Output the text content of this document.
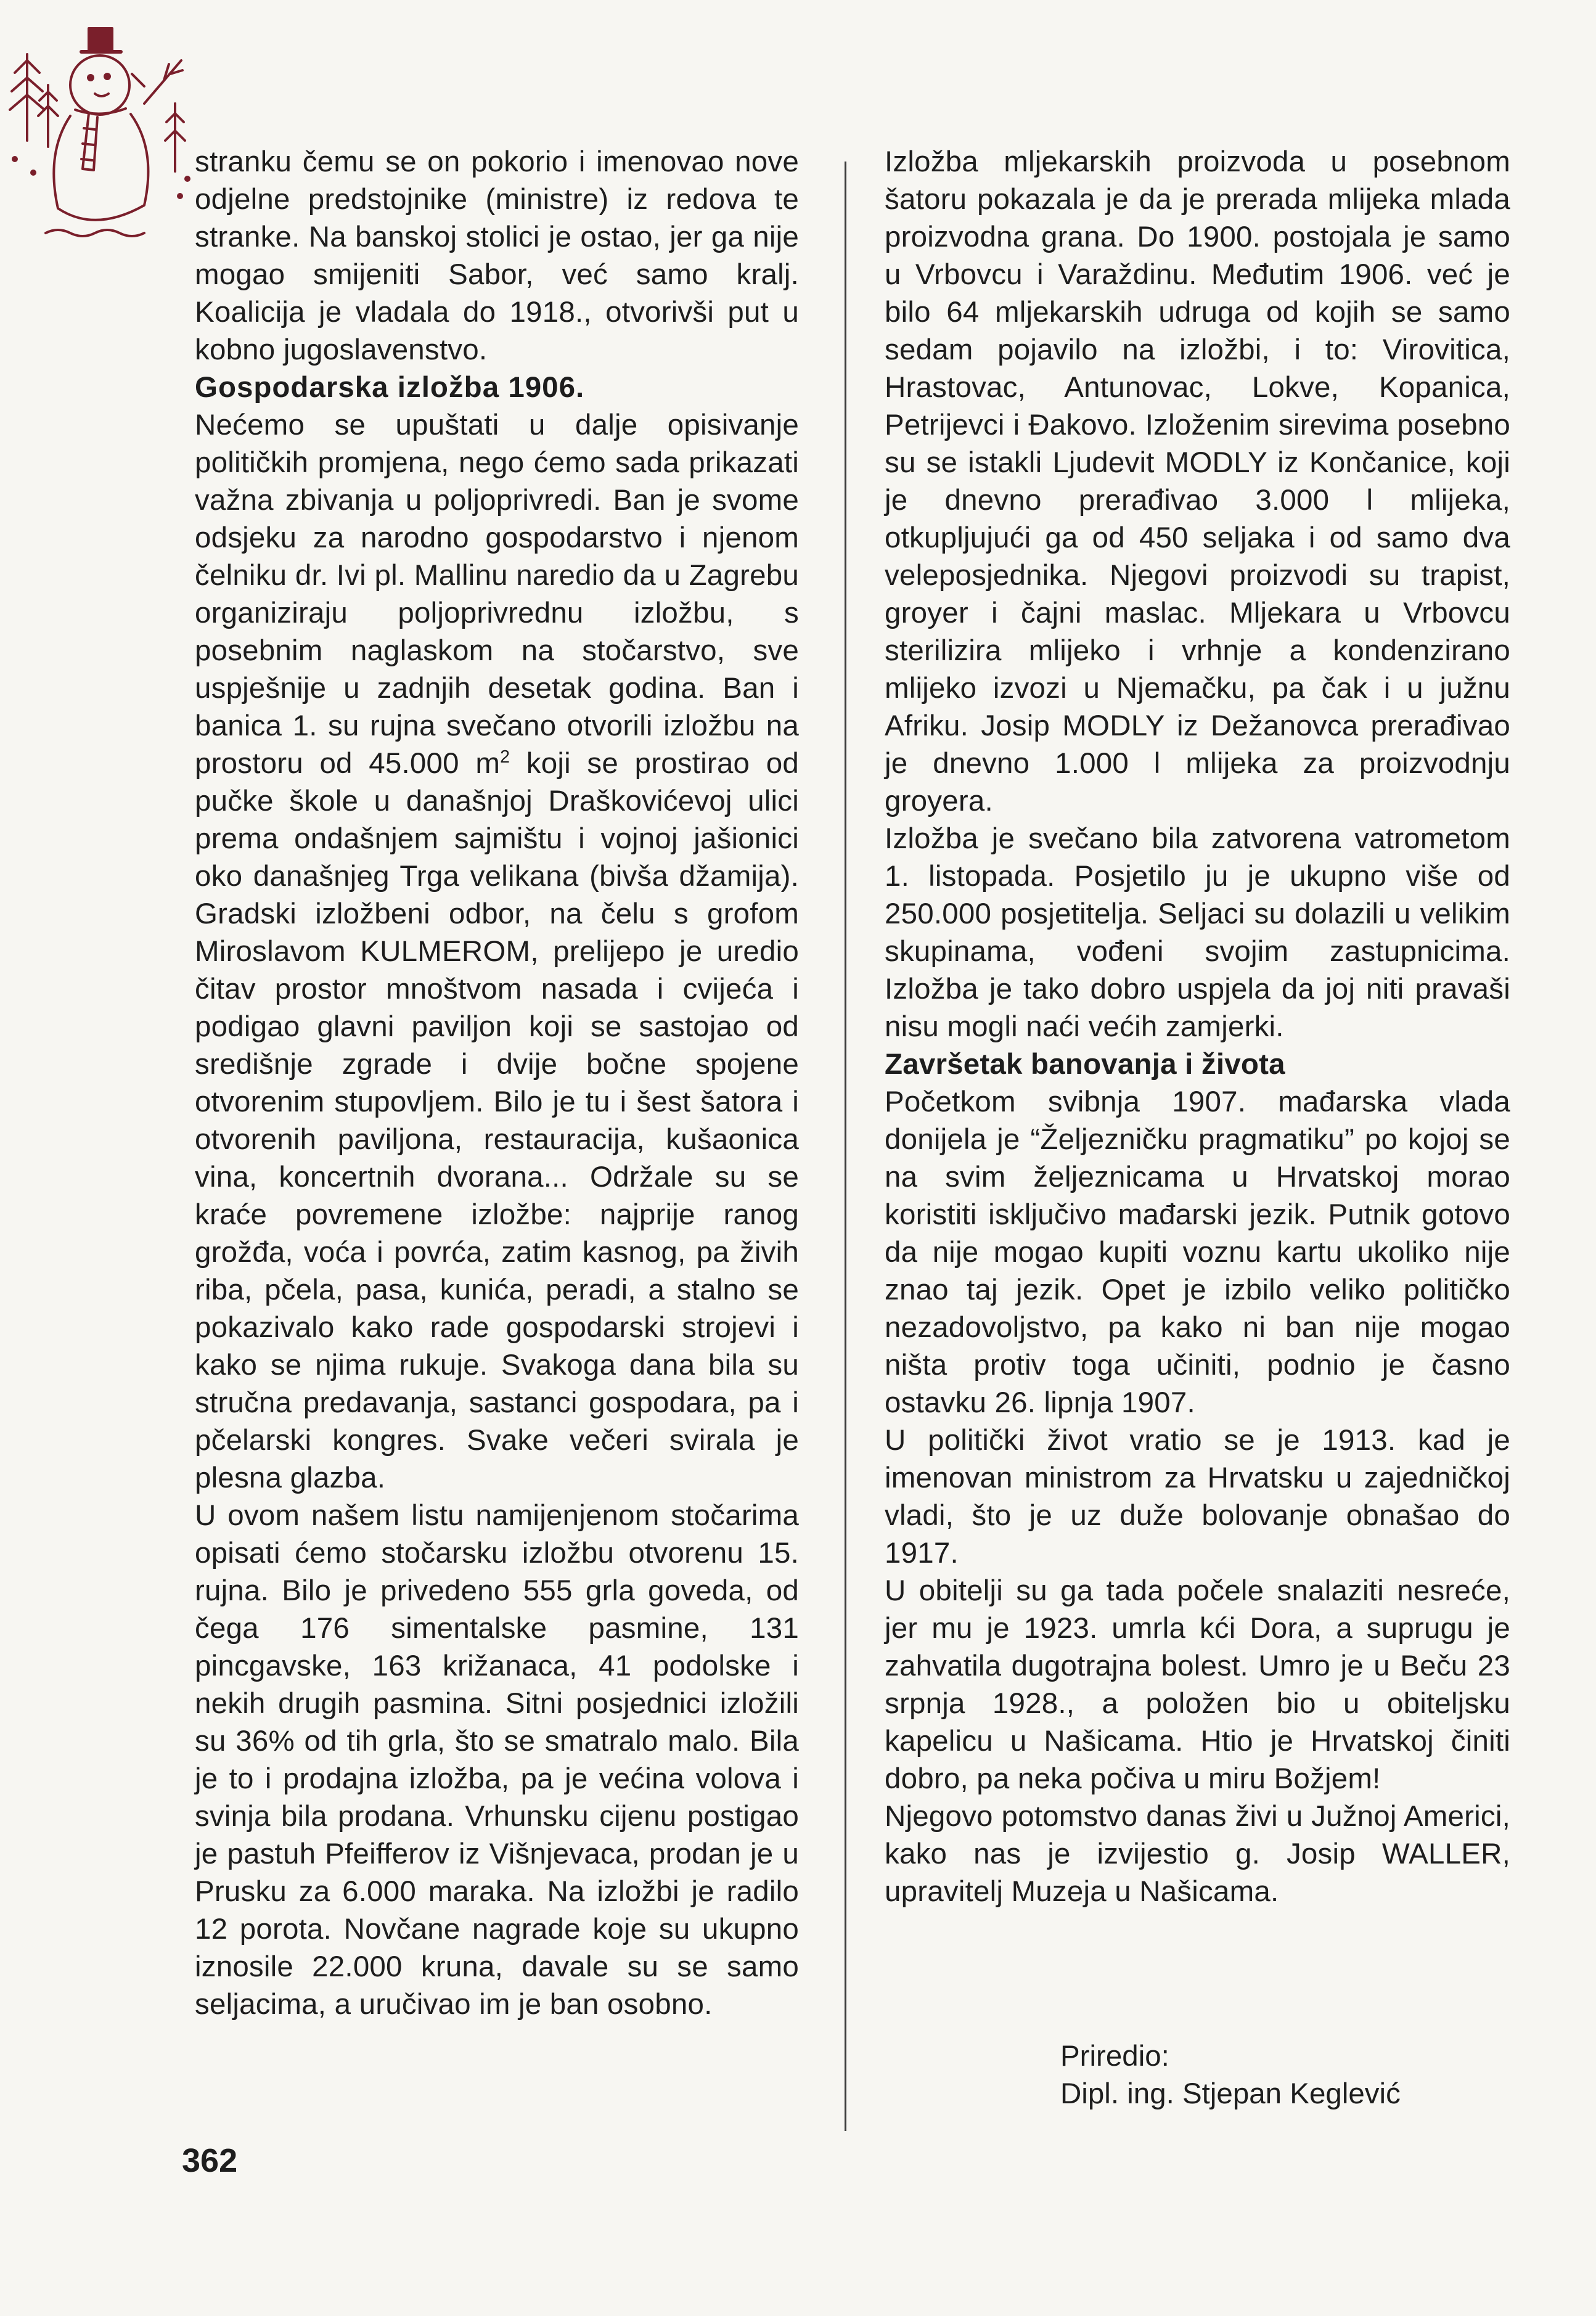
stranku čemu se on pokorio i imenovao nove odjelne predstojnike (ministre) iz redova te stranke. Na banskoj stolici je ostao, jer ga nije mogao smijeniti Sabor, već samo kralj. Koalicija je vladala do 1918., otvorivši put u kobno jugoslavenstvo.

Gospodarska izložba 1906.

Nećemo se upuštati u dalje opisivanje političkih promjena, nego ćemo sada prikazati važna zbivanja u poljoprivredi. Ban je svome odsjeku za narodno gospodarstvo i njenom čelniku dr. Ivi pl. Mallinu naredio da u Zagrebu organiziraju poljoprivrednu izložbu, s posebnim naglaskom na stočarstvo, sve uspješnije u zadnjih desetak godina. Ban i banica 1. su rujna svečano otvorili izložbu na prostoru od 45.000 $m^2$ koji se prostirao od pučke škole u današnjoj Draškovićevoj ulici prema ondašnjem sajmištu i vojnoj jašionici oko današnjeg Trga velikana (bivša džamija). Gradski izložbeni odbor, na čelu s grofom Miroslavom KULMEROM, prelijepo je uredio čitav prostor mnoštvom nasada i cvijeća i podigao glavni paviljon koji se sastojao od središnje zgrade i dvije bočne spojene otvorenim stupovljem. Bilo je tu i šest šatora i otvorenih paviljona, restauracija, kušaonica vina, koncertnih dvorana... Održale su se kraće povremene izložbe: najprije ranog grožđa, voća i povrća, zatim kasnog, pa živih riba, pčela, pasa, kunića, peradi, a stalno se pokazivalo kako rade gospodarski strojevi i kako se njima rukuje. Svakoga dana bila su stručna predavanja, sastanci gospodara, pa i pčelarski kongres. Svake večeri svirala je plesna glazba.

U ovom našem listu namijenjenom stočarima opisati ćemo stočarsku izložbu otvorenu 15. rujna. Bilo je privedeno 555 grla goveda, od čega 176 simentalske pasmine, 131 pincgavske, 163 križanaca, 41 podolske i nekih drugih pasmina. Sitni posjednici izložili su 36% od tih grla, što se smatralo malo. Bila je to i prodajna izložba, pa je većina volova i svinja bila prodana. Vrhunsku cijenu postigao je pastuh Pfeifferov iz Višnjevaca, prodan je u Prusku za 6.000 maraka. Na izložbi je radilo 12 porota. Novčane nagrade koje su ukupno iznosile 22.000 kruna, davale su se samo seljacima, a uručivao im je ban osobno.

Izložba mljekarskih proizvoda u posebnom šatoru pokazala je da je prerada mlijeka mlada proizvodna grana. Do 1900. postojala je samo u Vrbovcu i Varaždinu. Međutim 1906. već je bilo 64 mljekarskih udruga od kojih se samo sedam pojavilo na izložbi, i to: Virovitica, Hrastovac, Antunovac, Lokve, Kopanica, Petrijevci i Đakovo. Izloženim sirevima posebno su se istakli Ljudevit MODLY iz Končanice, koji je dnevno prerađivao 3.000 l mlijeka, otkupljujući ga od 450 seljaka i od samo dva veleposjednika. Njegovi proizvodi su trapist, groyer i čajni maslac. Mljekara u Vrbovcu sterilizira mlijeko i vrhnje a kondenzirano mlijeko izvozi u Njemačku, pa čak i u južnu Afriku. Josip MODLY iz Dežanovca prerađivao je dnevno 1.000 l mlijeka za proizvodnju groyera.

Izložba je svečano bila zatvorena vatrometom 1. listopada. Posjetilo ju je ukupno više od 250.000 posjetitelja. Seljaci su dolazili u velikim skupinama, vođeni svojim zastupnicima. Izložba je tako dobro uspjela da joj niti pravaši nisu mogli naći većih zamjerki.

Završetak banovanja i života

Početkom svibnja 1907. mađarska vlada donijela je “Željezničku pragmatiku” po kojoj se na svim željeznicama u Hrvatskoj morao koristiti isključivo mađarski jezik. Putnik gotovo da nije mogao kupiti voznu kartu ukoliko nije znao taj jezik. Opet je izbilo veliko političko nezadovoljstvo, pa kako ni ban nije mogao ništa protiv toga učiniti, podnio je časno ostavku 26. lipnja 1907.

U politički život vratio se je 1913. kad je imenovan ministrom za Hrvatsku u zajedničkoj vladi, što je uz duže bolovanje obnašao do 1917.

U obitelji su ga tada počele snalaziti nesreće, jer mu je 1923. umrla kći Dora, a suprugu je zahvatila dugotrajna bolest. Umro je u Beču 23 srpnja 1928., a položen bio u obiteljsku kapelicu u Našicama. Htio je Hrvatskoj činiti dobro, pa neka počiva u miru Božjem!

Njegovo potomstvo danas živi u Južnoj Americi, kako nas je izvijestio g. Josip WALLER, upravitelj Muzeja u Našicama.

Priredio:
Dipl. ing. Stjepan Keglević
362
